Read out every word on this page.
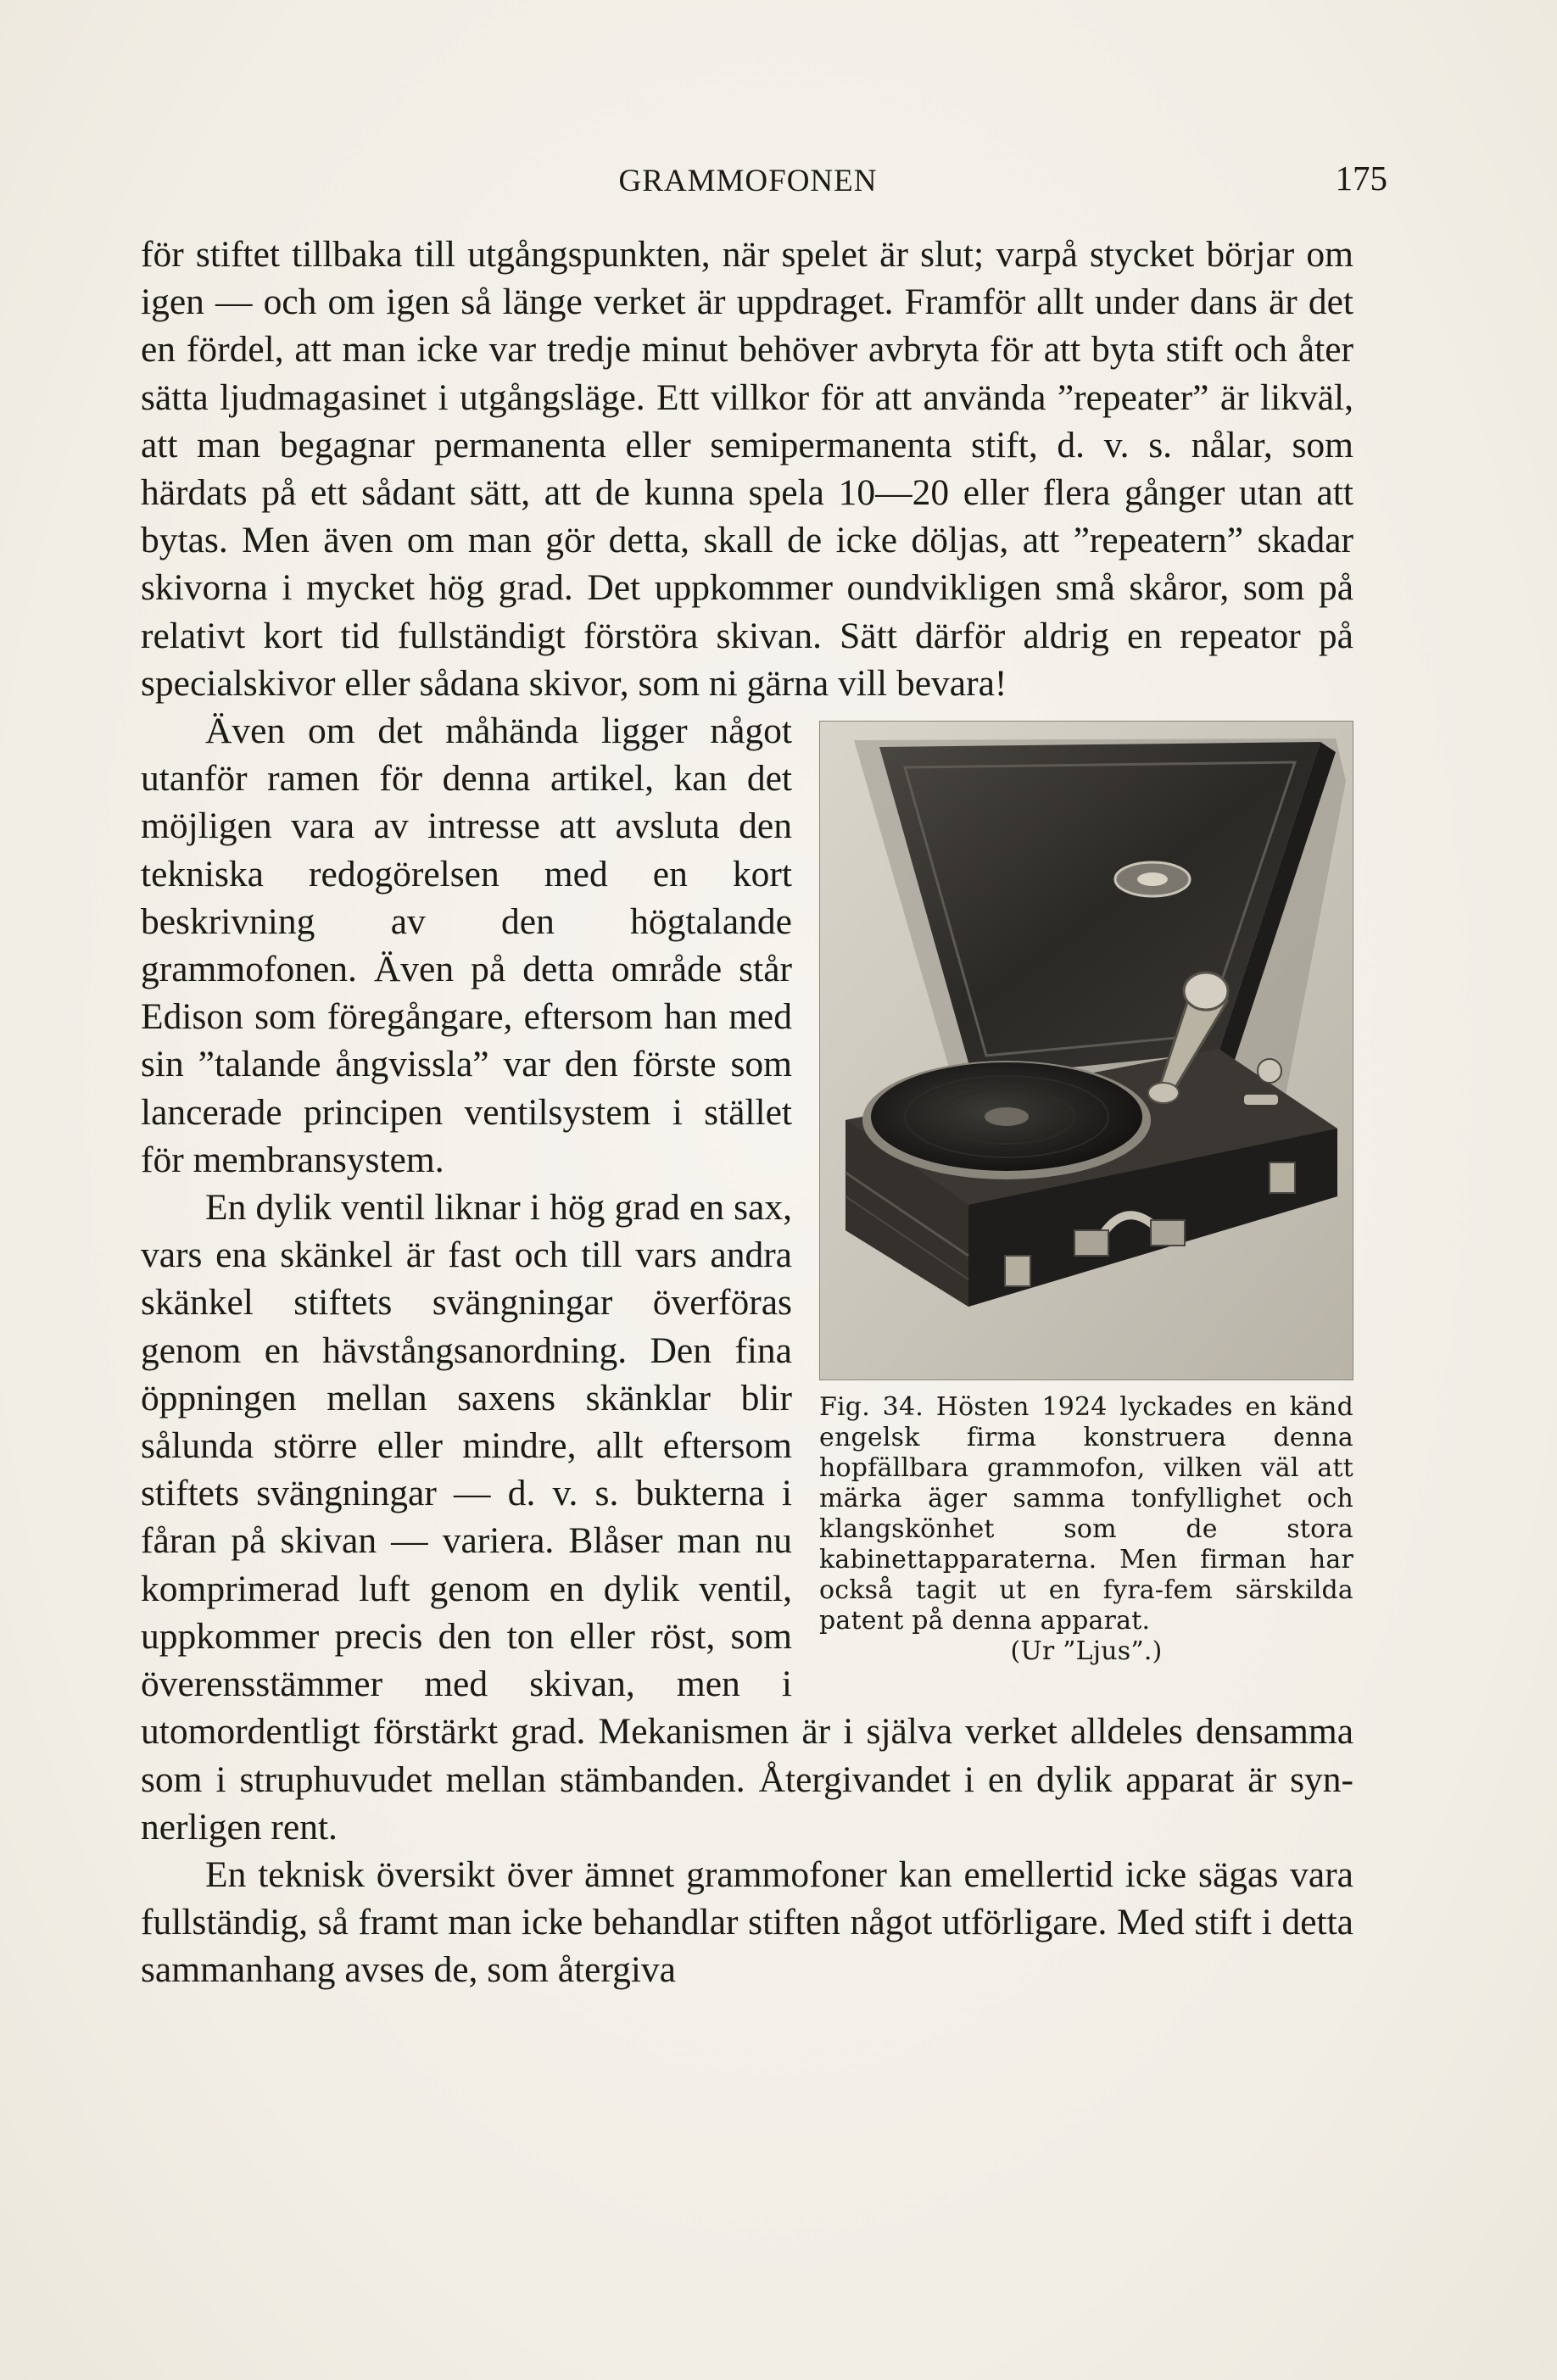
GRAMMOFONEN	175

för stiftet tillbaka till utgångspunkten, när spelet är slut; varpå stycket börjar om igen — och om igen så länge verket är uppdraget. Framför allt under dans är det en fördel, att man icke var tredje minut behöver avbryta för att byta stift och åter sätta ljudmagasinet i utgångsläge. Ett villkor för att använda ”repeater” är likväl, att man begagnar permanenta eller semipermanenta stift, d. v. s. nålar, som härdats på ett sådant sätt, att de kunna spela 10—20 eller flera gånger utan att bytas. Men även om man gör detta, skall de icke döljas, att ”repeatern” skadar skivorna i mycket hög grad. Det uppkommer oundvikligen små skåror, som på relativt kort tid fullständigt förstöra skivan. Sätt därför aldrig en repeator på specialskivor eller sådana skivor, som ni gärna vill bevara!

Fig. 34. Hösten 1924 lyckades en känd engelsk firma konstruera denna hopfällbara grammofon, vilken väl att märka äger samma tonfyllighet och klangskönhet som de stora kabinettapparaterna. Men firman har också tagit ut en fyra-fem särskilda patent på denna apparat.
(Ur ”Ljus”.)

Även om det måhända ligger något utanför ramen för denna artikel, kan det möjligen vara av intresse att avsluta den tekniska redogörelsen med en kort beskrivning av den högtalande grammofonen. Även på detta område står Edison som föregångare, eftersom han med sin ”talande ångvissla” var den förste som lancerade principen ventilsystem i stället för membransystem.

En dylik ventil liknar i hög grad en sax, vars ena skänkel är fast och till vars andra skänkel stiftets svängningar överföras genom en hävstångsanordning. Den fina öppningen mellan saxens skänklar blir sålunda större eller mindre, allt eftersom stiftets svängningar — d. v. s. bukterna i fåran på skivan — variera. Blåser man nu komprimerad luft genom en dylik ventil, uppkommer precis den ton eller röst, som överensstämmer med skivan, men i utomordentligt förstärkt grad. Mekanismen är i själva verket alldeles densamma som i struphuvudet mellan stämbanden. Återgivandet i en dylik apparat är synnerligen rent.

En teknisk översikt över ämnet grammofoner kan emellertid icke sägas vara fullständig, så framt man icke behandlar stiften något utförligare. Med stift i detta sammanhang avses de, som återgiva
